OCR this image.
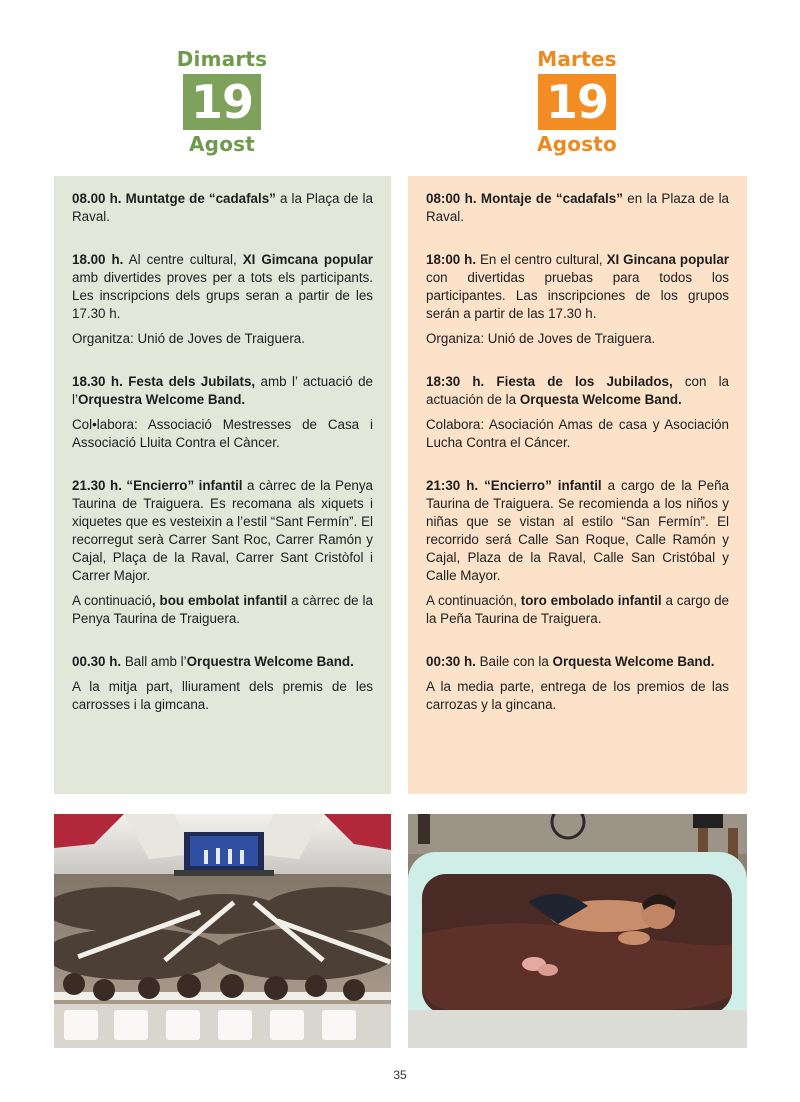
Dimarts
19
Agost
Martes
19
Agosto

08.00 h. Muntatge de “cadafals” a la Plaça de la Raval.

18.00 h. Al centre cultural, XI Gimcana popular amb divertides proves per a tots els participants. Les inscripcions dels grups seran a partir de les 17.30 h.

Organitza: Unió de Joves de Traiguera.

18.30 h. Festa dels Jubilats, amb l’ actuació de l’Orquestra Welcome Band.

Col•labora: Associació Mestresses de Casa i Associació Lluita Contra el Càncer.

21.30 h. “Encierro” infantil a càrrec de la Penya Taurina de Traiguera. Es recomana als xiquets i xiquetes que es vesteixin a l’estil “Sant Fermín”. El recorregut serà Carrer Sant Roc, Carrer Ramón y Cajal, Plaça de la Raval, Carrer Sant Cristòfol i Carrer Major.

A continuació, bou embolat infantil a càrrec de la Penya Taurina de Traiguera.

00.30 h. Ball amb l’Orquestra Welcome Band.

A la mitja part, lliurament dels premis de les carrosses i la gimcana.

08:00 h. Montaje de “cadafals” en la Plaza de la Raval.

18:00 h. En el centro cultural, XI Gincana popular con divertidas pruebas para todos los participantes. Las inscripciones de los grupos serán a partir de las 17.30 h.

Organiza: Unió de Joves de Traiguera.

18:30 h. Fiesta de los Jubilados, con la actuación de la Orquesta Welcome Band.

Colabora: Asociación Amas de casa y Asociación Lucha Contra el Cáncer.

21:30 h. “Encierro” infantil a cargo de la Peña Taurina de Traiguera. Se recomienda a los niños y niñas que se vistan al estilo “San Fermín”. El recorrido será Calle San Roque, Calle Ramón y Cajal, Plaza de la Raval, Calle San Cristóbal y Calle Mayor.

A continuación, toro embolado infantil a cargo de la Peña Taurina de Traiguera.

00:30 h. Baile con la Orquesta Welcome Band.

A la media parte, entrega de los premios de las carrozas y la gincana.

35
